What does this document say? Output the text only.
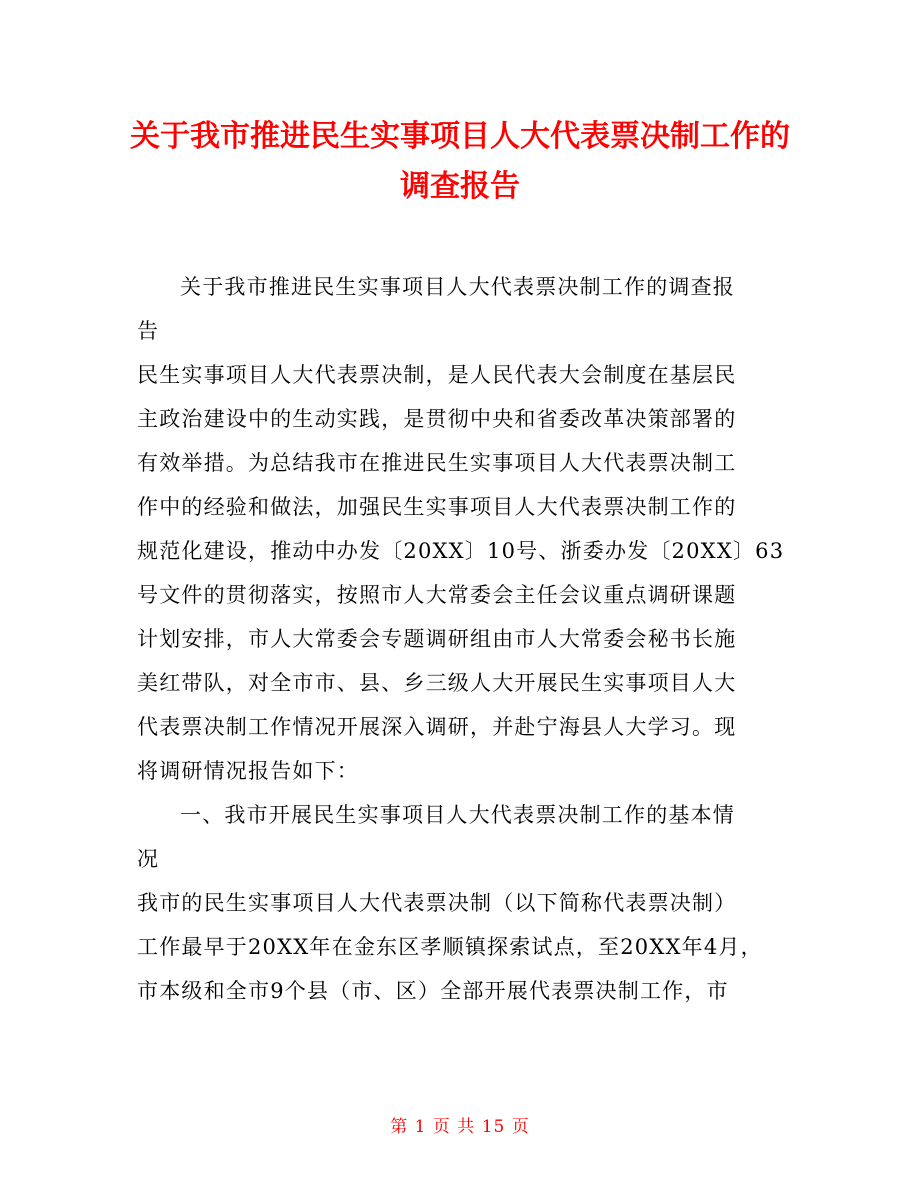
关于我市推进民生实事项目人大代表票决制工作的调查报告
关于我市推进民生实事项目人大代表票决制工作的调查报
告
民生实事项目人大代表票决制，是人民代表大会制度在基层民
主政治建设中的生动实践，是贯彻中央和省委改革决策部署的
有效举措。为总结我市在推进民生实事项目人大代表票决制工
作中的经验和做法，加强民生实事项目人大代表票决制工作的
规范化建设，推动中办发〔20XX〕10号、浙委办发〔20XX〕63
号文件的贯彻落实，按照市人大常委会主任会议重点调研课题
计划安排，市人大常委会专题调研组由市人大常委会秘书长施
美红带队，对全市市、县、乡三级人大开展民生实事项目人大
代表票决制工作情况开展深入调研，并赴宁海县人大学习。现
将调研情况报告如下：
一、我市开展民生实事项目人大代表票决制工作的基本情
况
我市的民生实事项目人大代表票决制（以下简称代表票决制）
工作最早于20XX年在金东区孝顺镇探索试点，至20XX年4月，
市本级和全市9个县（市、区）全部开展代表票决制工作，市
第 1 页 共 15 页
